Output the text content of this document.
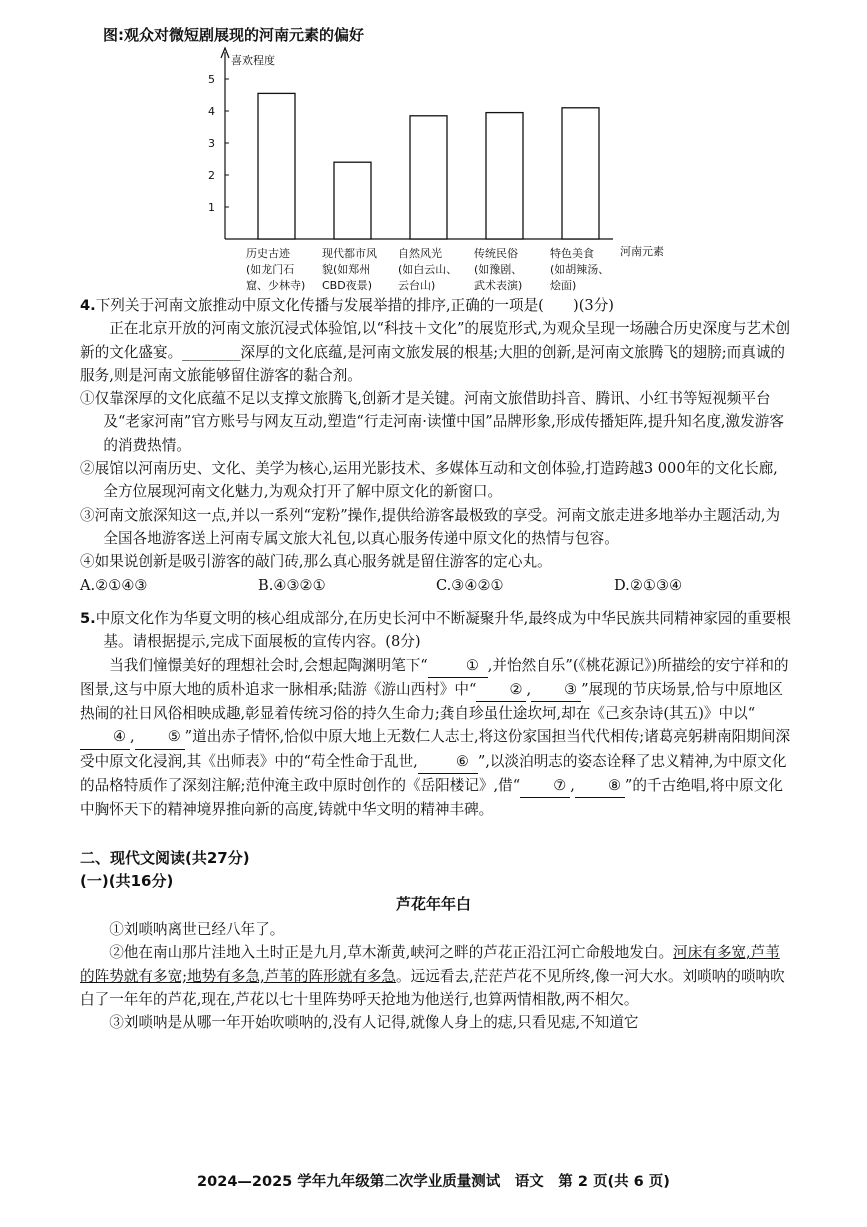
图:观众对微短剧展现的河南元素的偏好
喜欢程度
河南元素
1
2
3
4
5
历史古迹
(如龙门石
窟、少林寺)
现代都市风
貌(如郑州
CBD夜景)
自然风光
(如白云山、
云台山)
传统民俗
(如豫剧、
武术表演)
特色美食
(如胡辣汤、
烩面)

4.下列关于河南文旅推动中原文化传播与发展举措的排序,正确的一项是(　　)(3分)

正在北京开放的河南文旅沉浸式体验馆,以“科技＋文化”的展览形式,为观众呈现一场融合历史深度与艺术创新的文化盛宴。________深厚的文化底蕴,是河南文旅发展的根基;大胆的创新,是河南文旅腾飞的翅膀;而真诚的服务,则是河南文旅能够留住游客的黏合剂。

①仅靠深厚的文化底蕴不足以支撑文旅腾飞,创新才是关键。河南文旅借助抖音、腾讯、小红书等短视频平台及“老家河南”官方账号与网友互动,塑造“行走河南·读懂中国”品牌形象,形成传播矩阵,提升知名度,激发游客的消费热情。

②展馆以河南历史、文化、美学为核心,运用光影技术、多媒体互动和文创体验,打造跨越3 000年的文化长廊,全方位展现河南文化魅力,为观众打开了解中原文化的新窗口。

③河南文旅深知这一点,并以一系列“宠粉”操作,提供给游客最极致的享受。河南文旅走进多地举办主题活动,为全国各地游客送上河南专属文旅大礼包,以真心服务传递中原文化的热情与包容。

④如果说创新是吸引游客的敲门砖,那么真心服务就是留住游客的定心丸。

A.②①④③	B.④③②①	C.③④②①	D.②①③④

5.中原文化作为华夏文明的核心组成部分,在历史长河中不断凝聚升华,最终成为中华民族共同精神家园的重要根基。请根据提示,完成下面展板的宣传内容。(8分)

当我们憧憬美好的理想社会时,会想起陶渊明笔下“	① ,并怡然自乐”(《桃花源记》)所描绘的安宁祥和的图景,这与中原大地的质朴追求一脉相承;陆游《游山西村》中“ ② , ③ ”展现的节庆场景,恰与中原地区热闹的社日风俗相映成趣,彰显着传统习俗的持久生命力;龚自珍虽仕途坎坷,却在《己亥杂诗(其五)》中以“④ , ⑤ ”道出赤子情怀,恰似中原大地上无数仁人志士,将这份家国担当代代相传;诸葛亮躬耕南阳期间深受中原文化浸润,其《出师表》中的“苟全性命于乱世,	⑥ ”,以淡泊明志的姿态诠释了忠义精神,为中原文化的品格特质作了深刻注解;范仲淹主政中原时创作的《岳阳楼记》,借“ ⑦ , ⑧ ”的千古绝唱,将中原文化中胸怀天下的精神境界推向新的高度,铸就中华文明的精神丰碑。

二、现代文阅读(共27分)
(一)(共16分)
芦花年年白

①刘唢呐离世已经八年了。

②他在南山那片洼地入土时正是九月,草木渐黄,峡河之畔的芦花正沿江河亡命般地发白。河床有多宽,芦苇的阵势就有多宽;地势有多急,芦苇的阵形就有多急。远远看去,茫茫芦花不见所终,像一河大水。刘唢呐的唢呐吹白了一年年的芦花,现在,芦花以七十里阵势呼天抢地为他送行,也算两情相散,两不相欠。

③刘唢呐是从哪一年开始吹唢呐的,没有人记得,就像人身上的痣,只看见痣,不知道它

2024—2025 学年九年级第二次学业质量测试　语文　第 2 页(共 6 页)
